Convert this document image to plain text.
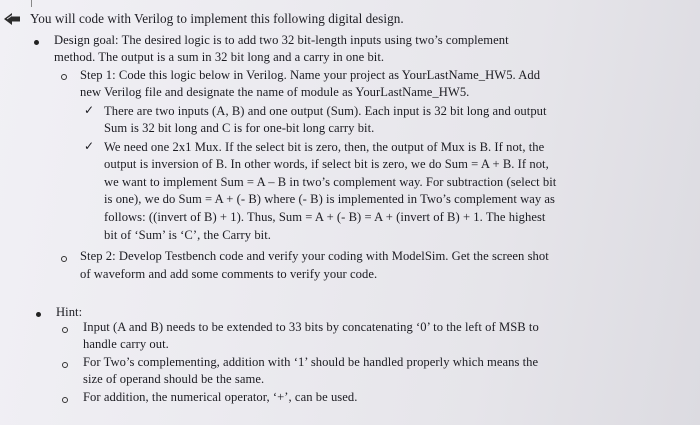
You will code with Verilog to implement this following digital design.
Design goal: The desired logic is to add two 32 bit-length inputs using two’s complement
method. The output is a sum in 32 bit long and a carry in one bit.
Step 1: Code this logic below in Verilog. Name your project as YourLastName_HW5. Add
new Verilog file and designate the name of module as YourLastName_HW5.
✓ There are two inputs (A, B) and one output (Sum). Each input is 32 bit long and output
Sum is 32 bit long and C is for one-bit long carry bit.
✓ We need one 2x1 Mux. If the select bit is zero, then, the output of Mux is B. If not, the
output is inversion of B. In other words, if select bit is zero, we do Sum = A + B. If not,
we want to implement Sum = A – B in two’s complement way. For subtraction (select bit
is one), we do Sum = A + (- B) where (- B) is implemented in Two’s complement way as
follows: ((invert of B) + 1). Thus, Sum = A + (- B) = A + (invert of B) + 1. The highest
bit of ‘Sum’ is ‘C’, the Carry bit.
Step 2: Develop Testbench code and verify your coding with ModelSim. Get the screen shot
of waveform and add some comments to verify your code.
Hint:
Input (A and B) needs to be extended to 33 bits by concatenating ‘0’ to the left of MSB to
handle carry out.
For Two’s complementing, addition with ‘1’ should be handled properly which means the
size of operand should be the same.
For addition, the numerical operator, ‘+’, can be used.
